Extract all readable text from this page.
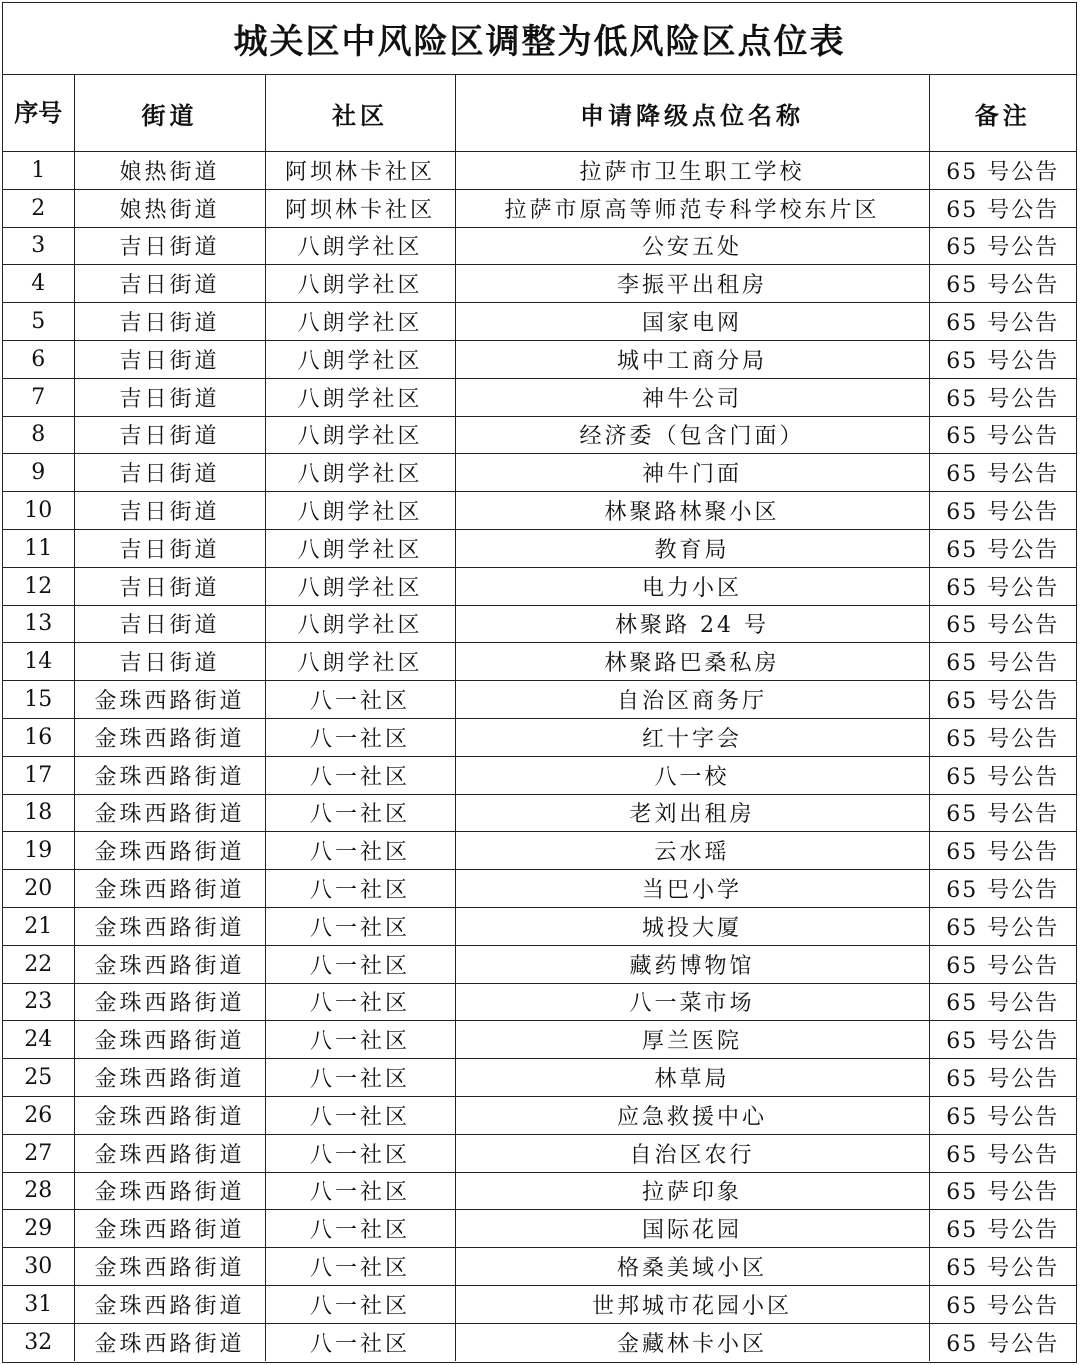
城关区中风险区调整为低风险区点位表
序号	街道	社区	申请降级点位名称	备注
1	娘热街道	阿坝林卡社区	拉萨市卫生职工学校	65 号公告
2	娘热街道	阿坝林卡社区	拉萨市原高等师范专科学校东片区	65 号公告
3	吉日街道	八朗学社区	公安五处	65 号公告
4	吉日街道	八朗学社区	李振平出租房	65 号公告
5	吉日街道	八朗学社区	国家电网	65 号公告
6	吉日街道	八朗学社区	城中工商分局	65 号公告
7	吉日街道	八朗学社区	神牛公司	65 号公告
8	吉日街道	八朗学社区	经济委（包含门面）	65 号公告
9	吉日街道	八朗学社区	神牛门面	65 号公告
10	吉日街道	八朗学社区	林聚路林聚小区	65 号公告
11	吉日街道	八朗学社区	教育局	65 号公告
12	吉日街道	八朗学社区	电力小区	65 号公告
13	吉日街道	八朗学社区	林聚路 24 号	65 号公告
14	吉日街道	八朗学社区	林聚路巴桑私房	65 号公告
15	金珠西路街道	八一社区	自治区商务厅	65 号公告
16	金珠西路街道	八一社区	红十字会	65 号公告
17	金珠西路街道	八一社区	八一校	65 号公告
18	金珠西路街道	八一社区	老刘出租房	65 号公告
19	金珠西路街道	八一社区	云水瑶	65 号公告
20	金珠西路街道	八一社区	当巴小学	65 号公告
21	金珠西路街道	八一社区	城投大厦	65 号公告
22	金珠西路街道	八一社区	藏药博物馆	65 号公告
23	金珠西路街道	八一社区	八一菜市场	65 号公告
24	金珠西路街道	八一社区	厚兰医院	65 号公告
25	金珠西路街道	八一社区	林草局	65 号公告
26	金珠西路街道	八一社区	应急救援中心	65 号公告
27	金珠西路街道	八一社区	自治区农行	65 号公告
28	金珠西路街道	八一社区	拉萨印象	65 号公告
29	金珠西路街道	八一社区	国际花园	65 号公告
30	金珠西路街道	八一社区	格桑美域小区	65 号公告
31	金珠西路街道	八一社区	世邦城市花园小区	65 号公告
32	金珠西路街道	八一社区	金藏林卡小区	65 号公告
